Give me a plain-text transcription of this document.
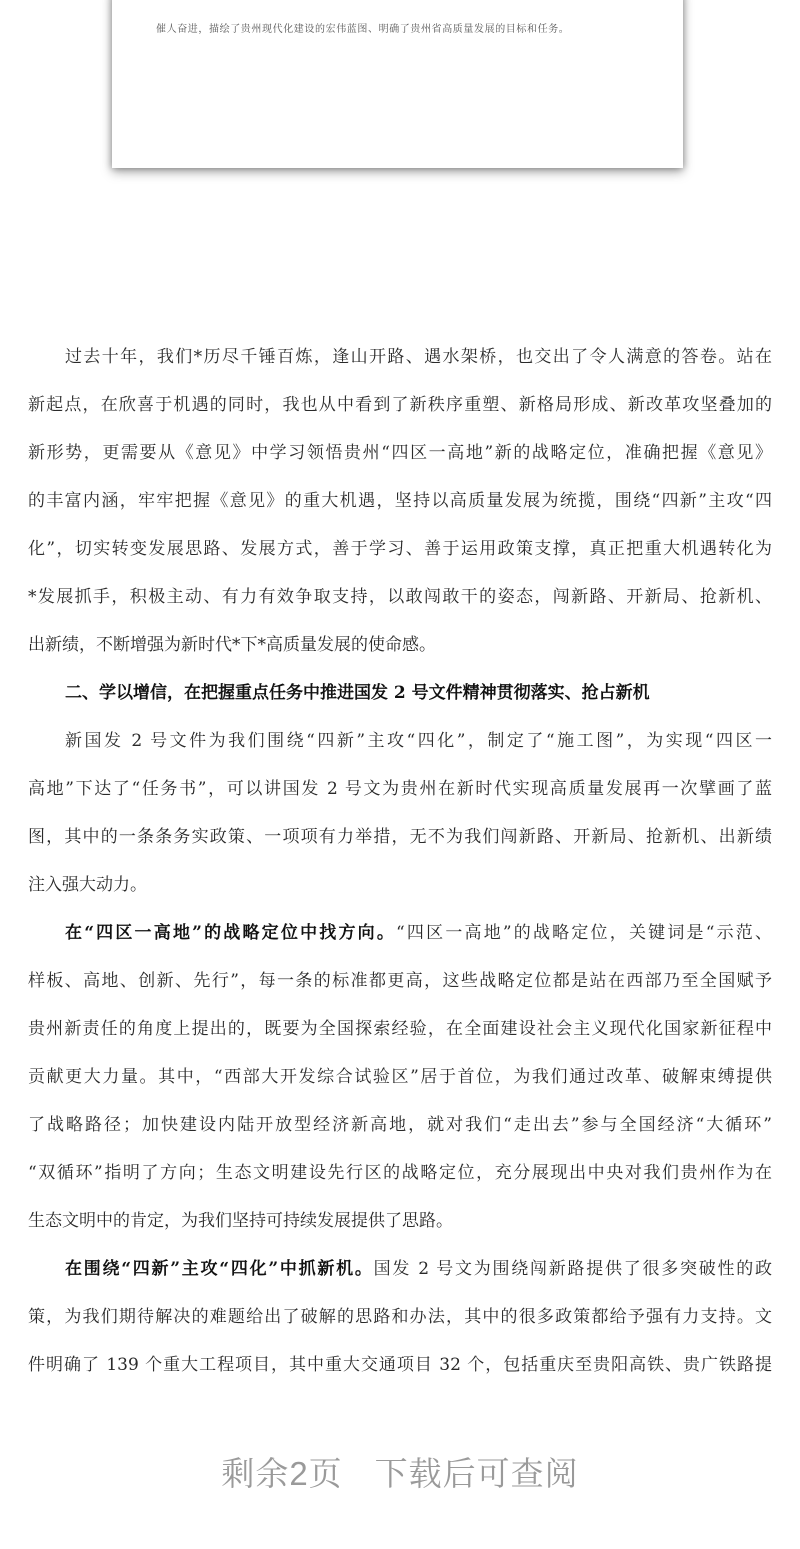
催人奋进，描绘了贵州现代化建设的宏伟蓝图、明确了贵州省高质量发展的目标和任务。
过去十年，我们*历尽千锤百炼，逢山开路、遇水架桥，也交出了令人满意的答卷。站在
新起点，在欣喜于机遇的同时，我也从中看到了新秩序重塑、新格局形成、新改革攻坚叠加的
新形势，更需要从《意见》中学习领悟贵州“四区一高地”新的战略定位，准确把握《意见》
的丰富内涵，牢牢把握《意见》的重大机遇，坚持以高质量发展为统揽，围绕“四新”主攻“四
化”，切实转变发展思路、发展方式，善于学习、善于运用政策支撑，真正把重大机遇转化为
*发展抓手，积极主动、有力有效争取支持，以敢闯敢干的姿态，闯新路、开新局、抢新机、
出新绩，不断增强为新时代*下*高质量发展的使命感。
二、学以增信，在把握重点任务中推进国发 2 号文件精神贯彻落实、抢占新机
新国发 2 号文件为我们围绕“四新”主攻“四化”，制定了“施工图”，为实现“四区一
高地”下达了“任务书”，可以讲国发 2 号文为贵州在新时代实现高质量发展再一次擘画了蓝
图，其中的一条条务实政策、一项项有力举措，无不为我们闯新路、开新局、抢新机、出新绩
注入强大动力。
在“四区一高地”的战略定位中找方向。“四区一高地”的战略定位，关键词是“示范、
样板、高地、创新、先行”，每一条的标准都更高，这些战略定位都是站在西部乃至全国赋予
贵州新责任的角度上提出的，既要为全国探索经验，在全面建设社会主义现代化国家新征程中
贡献更大力量。其中，“西部大开发综合试验区”居于首位，为我们通过改革、破解束缚提供
了战略路径；加快建设内陆开放型经济新高地，就对我们“走出去”参与全国经济“大循环”
“双循环”指明了方向；生态文明建设先行区的战略定位，充分展现出中央对我们贵州作为在
生态文明中的肯定，为我们坚持可持续发展提供了思路。
在围绕“四新”主攻“四化”中抓新机。国发 2 号文为围绕闯新路提供了很多突破性的政
策，为我们期待解决的难题给出了破解的思路和办法，其中的很多政策都给予强有力支持。文
件明确了 139 个重大工程项目，其中重大交通项目 32 个，包括重庆至贵阳高铁、贵广铁路提
剩余2页 下载后可查阅
